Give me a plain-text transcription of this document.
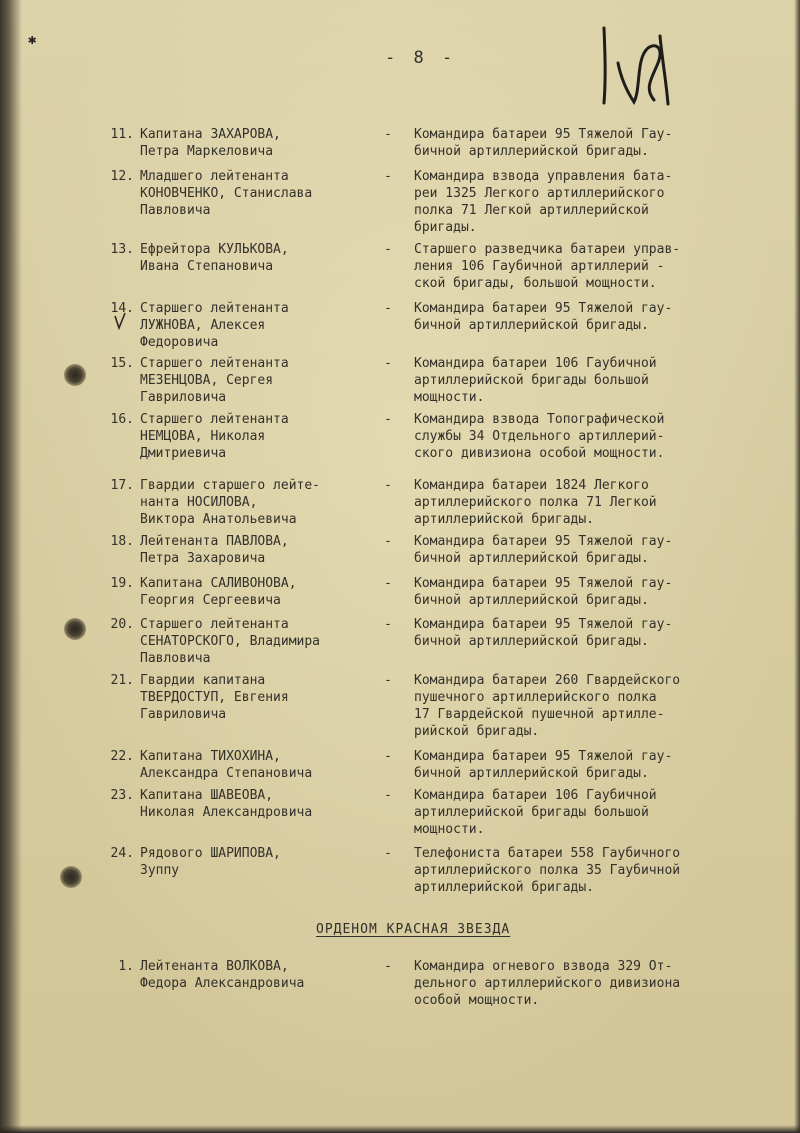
✱
- 8 -
11. Капитана ЗАХАРОВА,
Петра Маркеловича
- Командира батареи 95 Тяжелой Гау-
бичной артиллерийской бригады.
12. Младшего лейтенанта
КОНОВЧЕНКО, Станислава
Павловича
- Командира взвода управления бата-
реи 1325 Легкого артиллерийского
полка 71 Легкой артиллерийской
бригады.
13. Ефрейтора КУЛЬКОВА,
Ивана Степановича
- Старшего разведчика батареи управ-
ления 106 Гаубичной артиллерий -
ской бригады, большой мощности.
14. Старшего лейтенанта
ЛУЖНОВА, Алексея
Федоровича
- Командира батареи 95 Тяжелой гау-
бичной артиллерийской бригады.
15. Старшего лейтенанта
МЕЗЕНЦОВА, Сергея
Гавриловича
- Командира батареи 106 Гаубичной
артиллерийской бригады большой
мощности.
16. Старшего лейтенанта
НЕМЦОВА, Николая
Дмитриевича
- Командира взвода Топографической
службы 34 Отдельного артиллерий-
ского дивизиона особой мощности.
17. Гвардии старшего лейте-
нанта НОСИЛОВА,
Виктора Анатольевича
- Командира батареи 1824 Легкого
артиллерийского полка 71 Легкой
артиллерийской бригады.
18. Лейтенанта ПАВЛОВА,
Петра Захаровича
- Командира батареи 95 Тяжелой гау-
бичной артиллерийской бригады.
19. Капитана САЛИВОНОВА,
Георгия Сергеевича
- Командира батареи 95 Тяжелой гау-
бичной артиллерийской бригады.
20. Старшего лейтенанта
СЕНАТОРСКОГО, Владимира
Павловича
- Командира батареи 95 Тяжелой гау-
бичной артиллерийской бригады.
21. Гвардии капитана
ТВЕРДОСТУП, Евгения
Гавриловича
- Командира батареи 260 Гвардейского
пушечного артиллерийского полка
17 Гвардейской пушечной артилле-
рийской бригады.
22. Капитана ТИХОХИНА,
Александра Степановича
- Командира батареи 95 Тяжелой гау-
бичной артиллерийской бригады.
23. Капитана ШАВЕОВА,
Николая Александровича
- Командира батареи 106 Гаубичной
артиллерийской бригады большой
мощности.
24. Рядового ШАРИПОВА,
Зуппу
- Телефониста батареи 558 Гаубичного
артиллерийского полка 35 Гаубичной
артиллерийской бригады.
ОРДЕНОМ КРАСНАЯ ЗВЕЗДА
1. Лейтенанта ВОЛКОВА,
Федора Александровича
- Командира огневого взвода 329 От-
дельного артиллерийского дивизиона
особой мощности.
